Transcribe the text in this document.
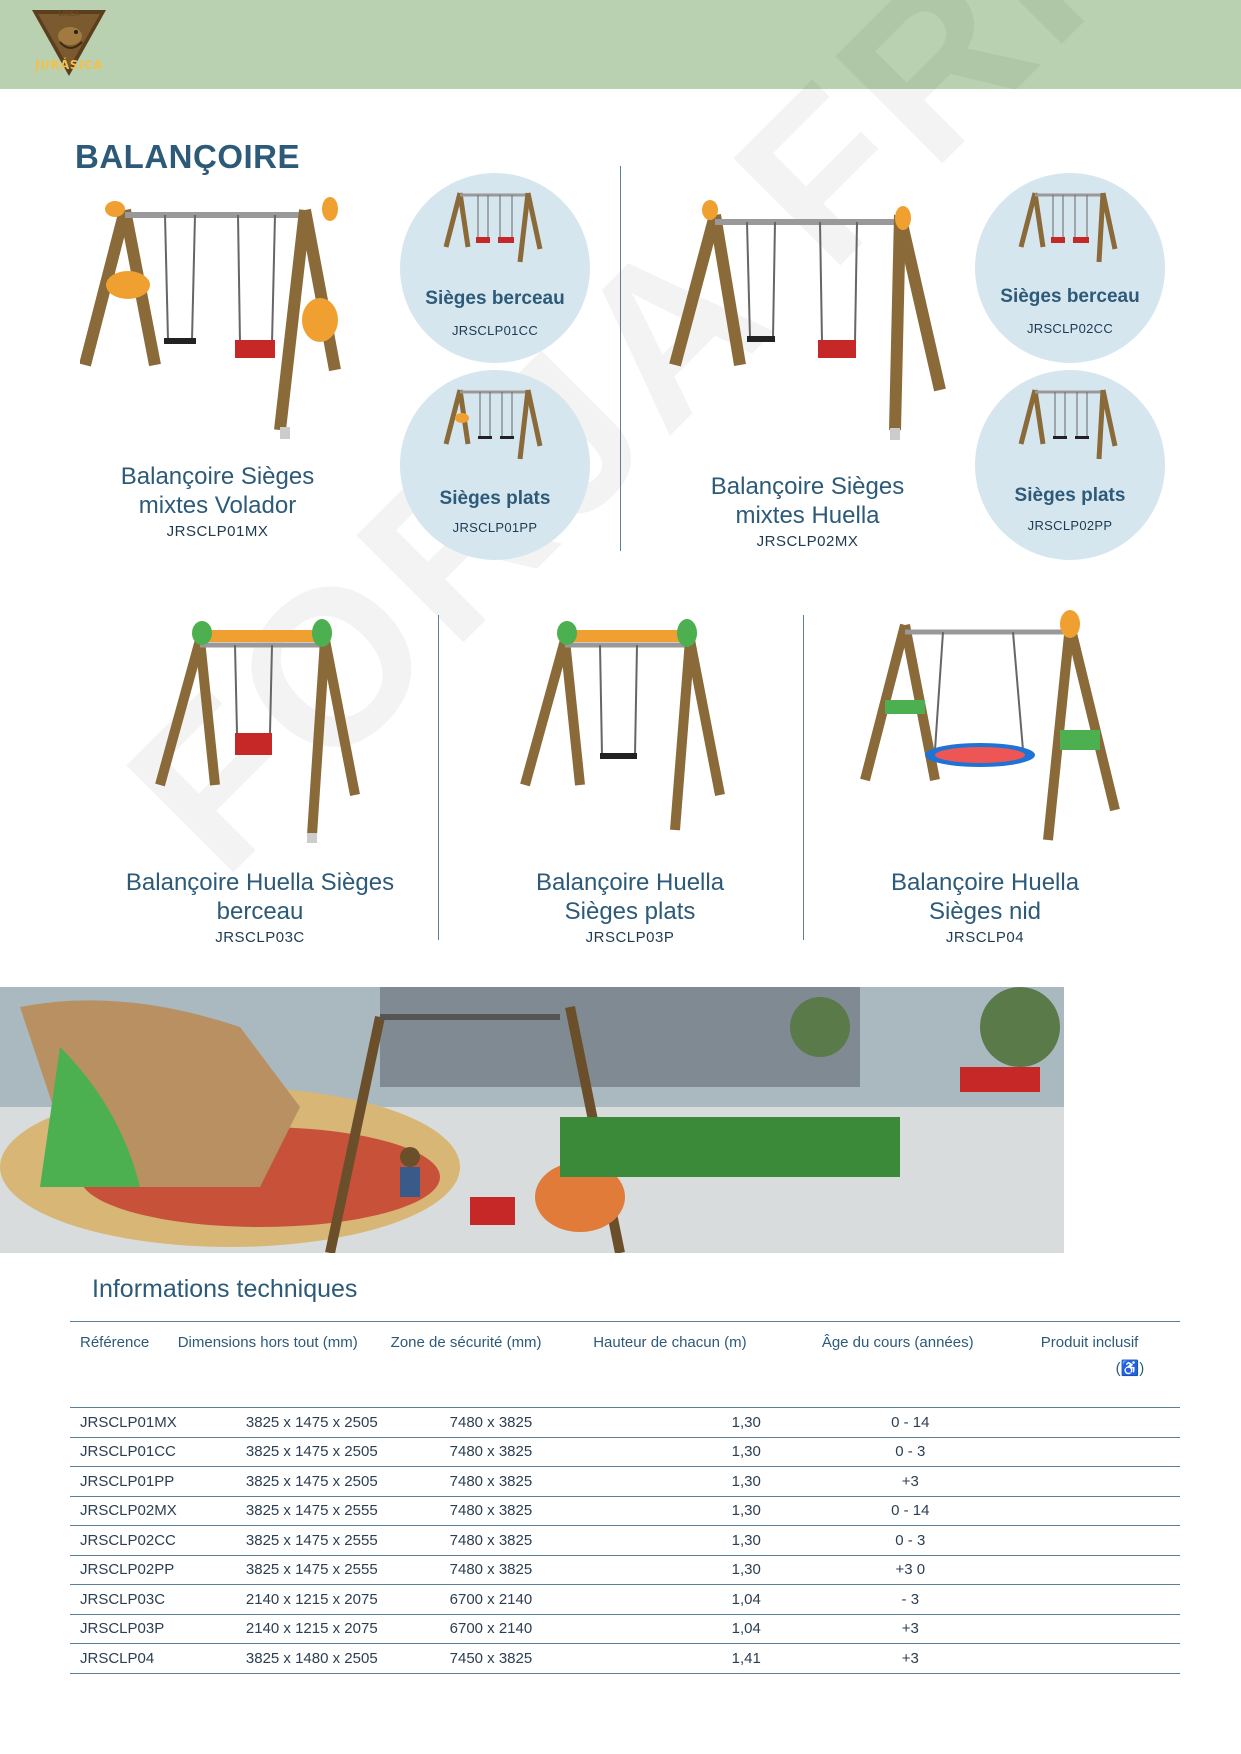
LINEA
JURÁSICA
BALANÇOIRE
Sièges berceau
JRSCLP01CC
Sièges plats
JRSCLP01PP
Sièges berceau
JRSCLP02CC
Sièges plats
JRSCLP02PP
Balançoire Sièges
mixtes Volador
JRSCLP01MX
Balançoire Sièges
mixtes Huella
JRSCLP02MX
Balançoire Huella Sièges
berceau
JRSCLP03C
Balançoire Huella
Sièges plats
JRSCLP03P
Balançoire Huella
Sièges nid
JRSCLP04
Informations techniques
Référence	Dimensions hors tout (mm)	Zone de sécurité (mm)	Hauteur de chacun (m)	Âge du cours (années)	Produit inclusif
(♿)

JRSCLP01MX	3825 x 1475 x 2505	7480 x 3825	1,30	0 - 14	
JRSCLP01CC	3825 x 1475 x 2505	7480 x 3825	1,30	0 - 3	
JRSCLP01PP	3825 x 1475 x 2505	7480 x 3825	1,30	+3	
JRSCLP02MX	3825 x 1475 x 2555	7480 x 3825	1,30	0 - 14	
JRSCLP02CC	3825 x 1475 x 2555	7480 x 3825	1,30	0 - 3	
JRSCLP02PP	3825 x 1475 x 2555	7480 x 3825	1,30	+3 0	
JRSCLP03C	2140 x 1215 x 2075	6700 x 2140	1,04	- 3	
JRSCLP03P	2140 x 1215 x 2075	6700 x 2140	1,04	+3	
JRSCLP04	3825 x 1480 x 2505	7450 x 3825	1,41	+3	
